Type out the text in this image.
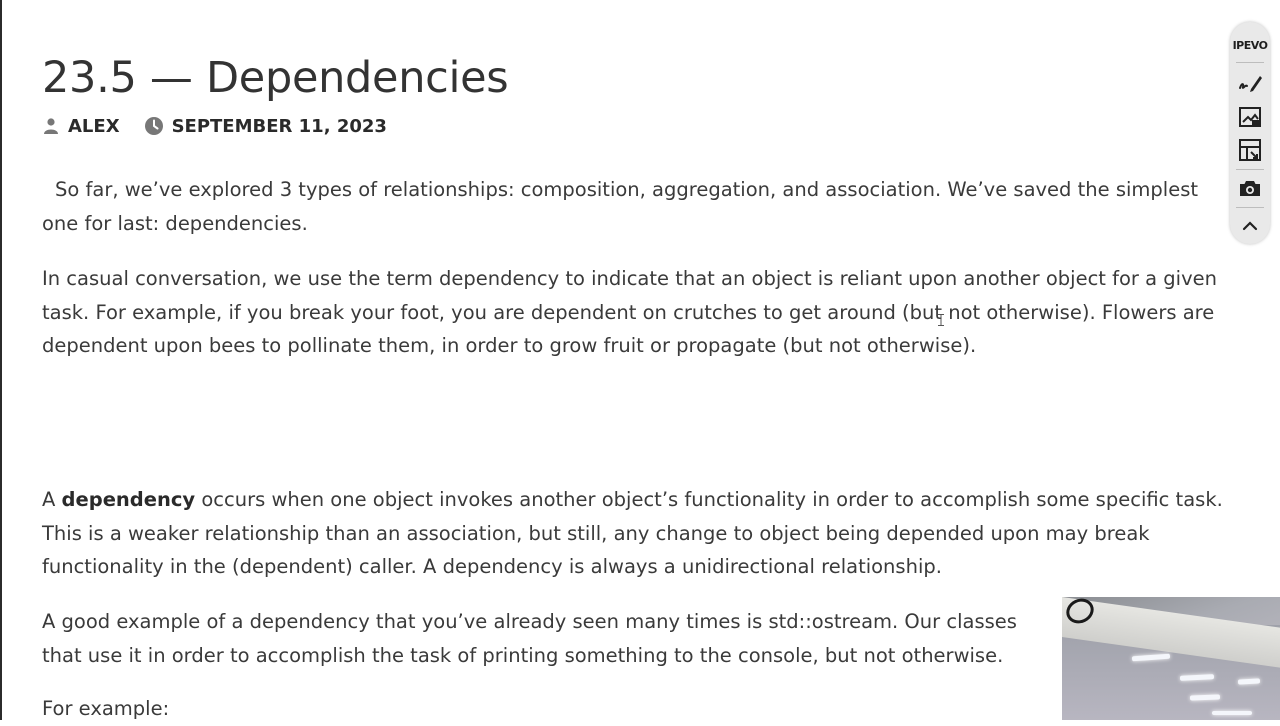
23.5 — Dependencies
ALEX	SEPTEMBER 11, 2023

So far, we’ve explored 3 types of relationships: composition, aggregation, and association. We’ve saved the simplest one for last: dependencies.

In casual conversation, we use the term dependency to indicate that an object is reliant upon another object for a given task. For example, if you break your foot, you are dependent on crutches to get around (but not otherwise). Flowers are dependent upon bees to pollinate them, in order to grow fruit or propagate (but not otherwise).

A dependency occurs when one object invokes another object’s functionality in order to accomplish some specific task. This is a weaker relationship than an association, but still, any change to object being depended upon may break functionality in the (dependent) caller. A dependency is always a unidirectional relationship.

A good example of a dependency that you’ve already seen many times is std::ostream. Our classes that use it in order to accomplish the task of printing something to the console, but not otherwise.

For example:

IPEVO
